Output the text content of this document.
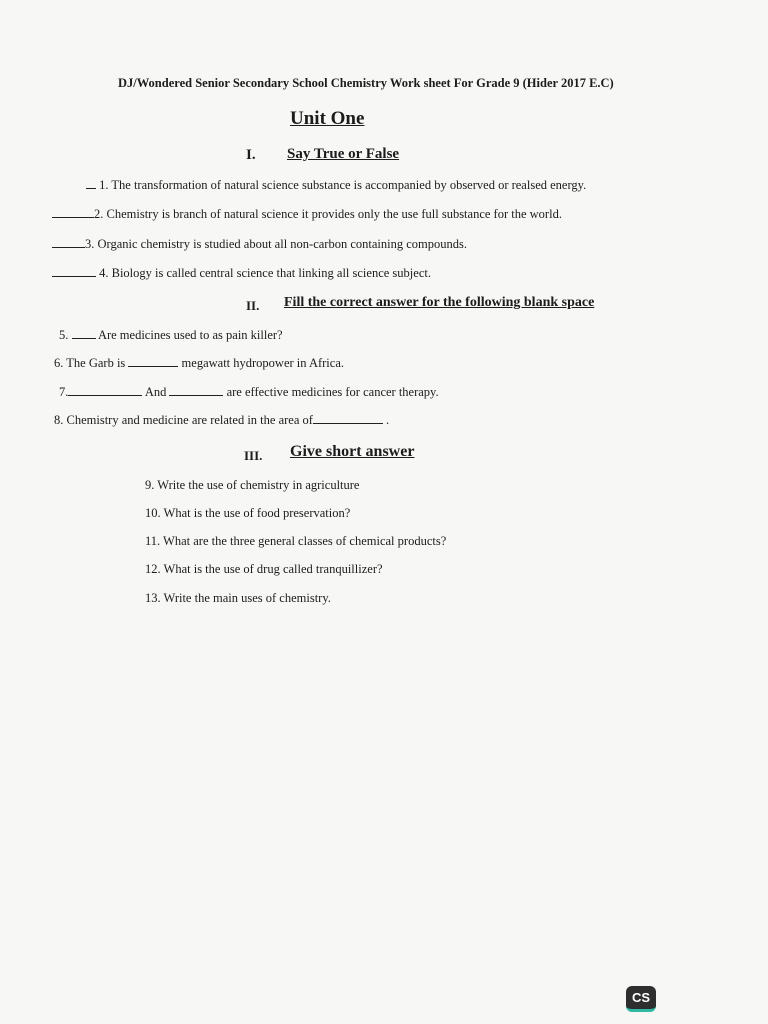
DJ/Wondered Senior Secondary School Chemistry Work sheet For Grade 9 (Hider 2017 E.C)
Unit One
I. Say True or False
1. The transformation of natural science substance is accompanied by observed or realsed energy.
2. Chemistry is branch of natural science it provides only the use full substance for the world.
3. Organic chemistry is studied about all non-carbon containing compounds.
4. Biology is called central science that linking all science subject.
II. Fill the correct answer for the following blank space
5. Are medicines used to as pain killer?
6. The Garb is	megawatt hydropower in Africa.
7.	And	are effective medicines for cancer therapy.
8. Chemistry and medicine are related in the area of	.
III. Give short answer
9. Write the use of chemistry in agriculture
10. What is the use of food preservation?
11. What are the three general classes of chemical products?
12. What is the use of drug called tranquillizer?
13. Write the main uses of chemistry.
CS
